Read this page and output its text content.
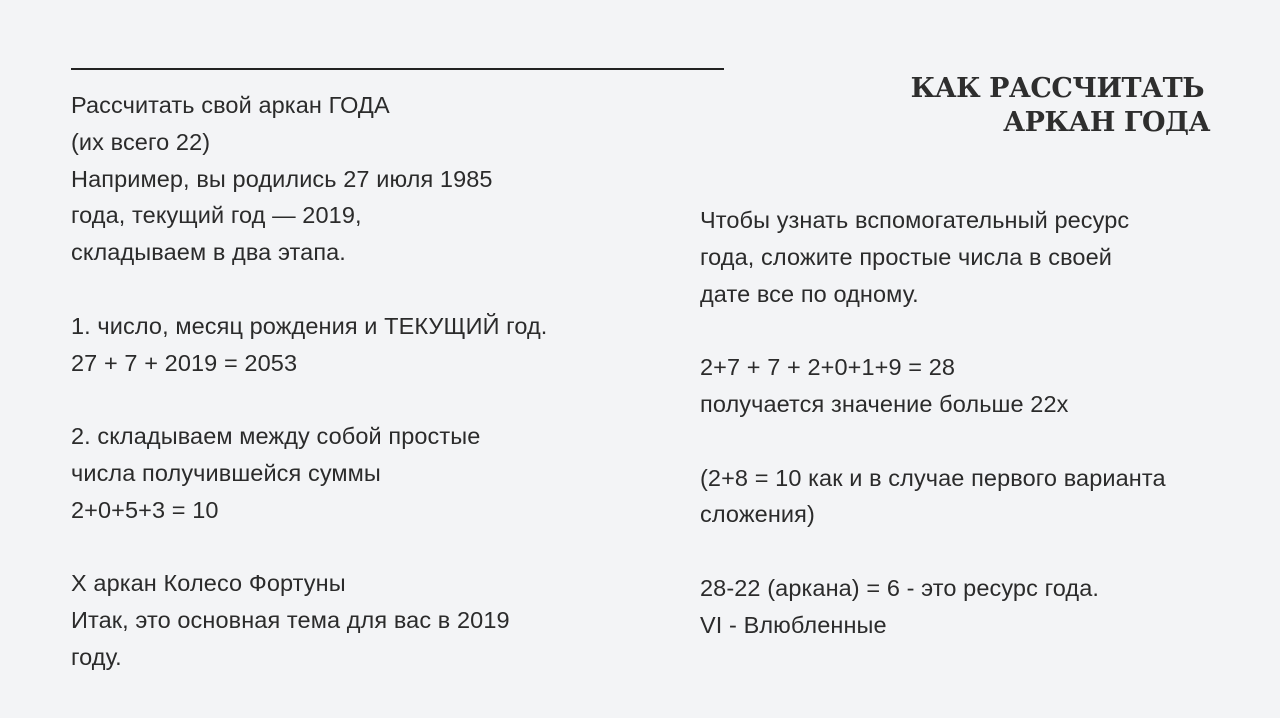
КАК РАССЧИТАТЬ
АРКАН ГОДА
Рассчитать свой аркан ГОДА
(их всего 22)
Например, вы родились 27 июля 1985
года, текущий год — 2019,
складываем в два этапа.
1. число, месяц рождения и ТЕКУЩИЙ год.
27 + 7 + 2019 = 2053
2. складываем между собой простые
числа получившейся суммы
2+0+5+3 = 10
X аркан Колесо Фортуны
Итак, это основная тема для вас в 2019
году.
Чтобы узнать вспомогательный ресурс
года, сложите простые числа в своей
дате все по одному.
2+7 + 7 + 2+0+1+9 = 28
получается значение больше 22х
(2+8 = 10 как и в случае первого варианта
сложения)
28-22 (аркана) = 6 - это ресурс года.
VI - Влюбленные
